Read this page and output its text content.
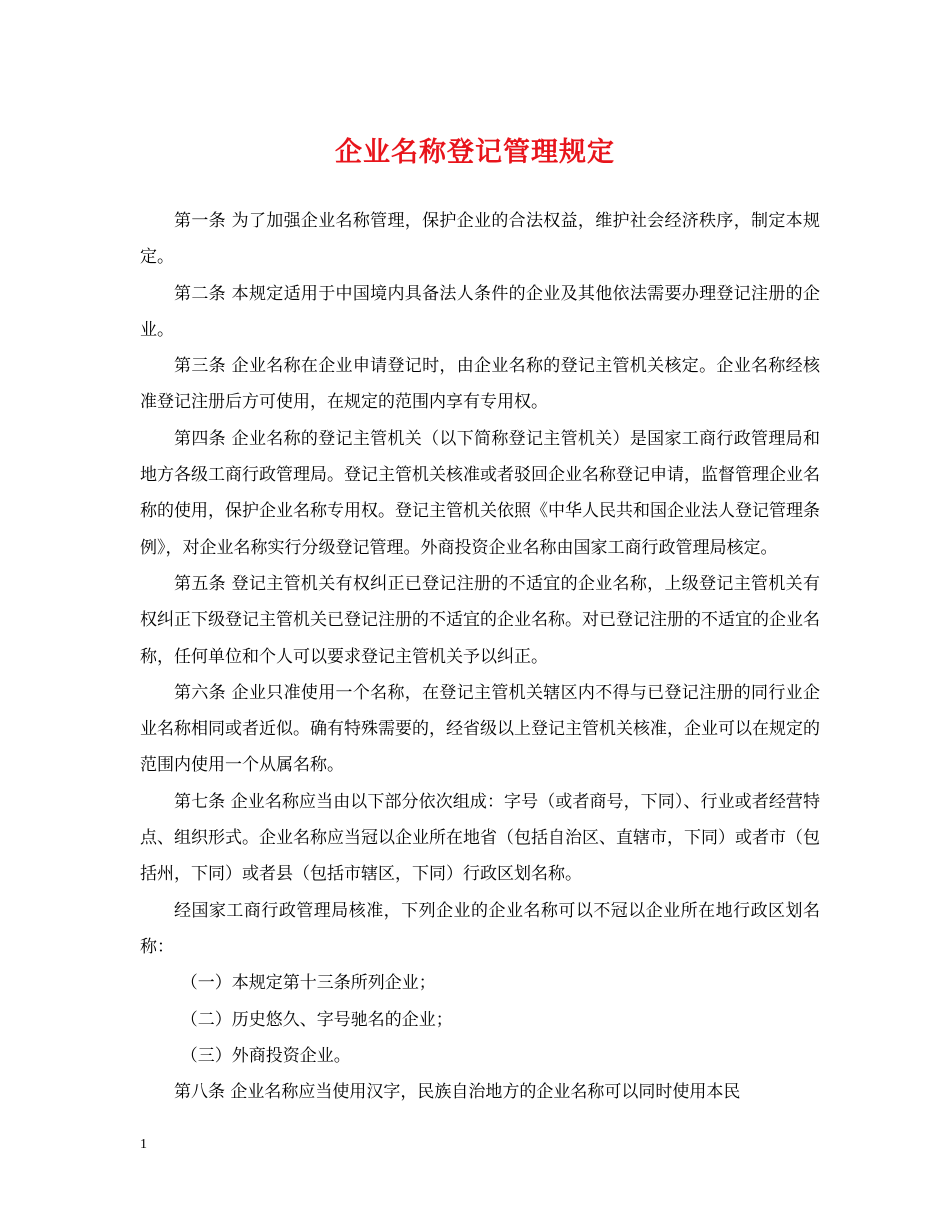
企业名称登记管理规定

第一条 为了加强企业名称管理，保护企业的合法权益，维护社会经济秩序，制定本规定。

第二条 本规定适用于中国境内具备法人条件的企业及其他依法需要办理登记注册的企业。

第三条 企业名称在企业申请登记时，由企业名称的登记主管机关核定。企业名称经核准登记注册后方可使用，在规定的范围内享有专用权。

第四条 企业名称的登记主管机关（以下简称登记主管机关）是国家工商行政管理局和地方各级工商行政管理局。登记主管机关核准或者驳回企业名称登记申请，监督管理企业名称的使用，保护企业名称专用权。登记主管机关依照《中华人民共和国企业法人登记管理条例》，对企业名称实行分级登记管理。外商投资企业名称由国家工商行政管理局核定。

第五条 登记主管机关有权纠正已登记注册的不适宜的企业名称，上级登记主管机关有权纠正下级登记主管机关已登记注册的不适宜的企业名称。对已登记注册的不适宜的企业名称，任何单位和个人可以要求登记主管机关予以纠正。

第六条 企业只准使用一个名称，在登记主管机关辖区内不得与已登记注册的同行业企业名称相同或者近似。确有特殊需要的，经省级以上登记主管机关核准，企业可以在规定的范围内使用一个从属名称。

第七条 企业名称应当由以下部分依次组成：字号（或者商号，下同）、行业或者经营特点、组织形式。企业名称应当冠以企业所在地省（包括自治区、直辖市，下同）或者市（包括州，下同）或者县（包括市辖区，下同）行政区划名称。

经国家工商行政管理局核准，下列企业的企业名称可以不冠以企业所在地行政区划名称：

（一）本规定第十三条所列企业；

（二）历史悠久、字号驰名的企业；

（三）外商投资企业。

第八条 企业名称应当使用汉字，民族自治地方的企业名称可以同时使用本民

1
